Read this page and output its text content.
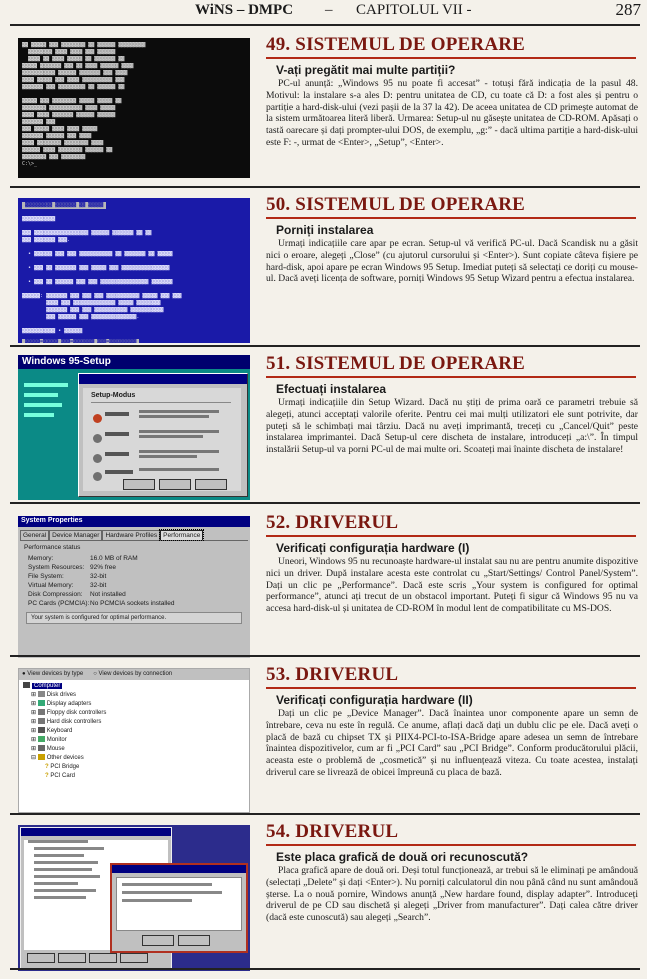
WiNS – DMPC – CAPITOLUL VII -	287
▓▓ ▓▓▓▓▓ ▓▓▓ ▓▓▓▓▓▓▓▓ ▓▓ ▓▓▓▓▓▓ ▓▓▓▓▓▓▓▓▓
▓▓▓▓▓▓▓▓ ▓▓▓▓ ▓▓▓▓ ▓▓▓ ▓▓▓▓▓▓
▓▓▓▓ ▓▓ ▓▓▓▓ ▓▓▓▓▓ ▓▓ ▓▓▓▓▓▓▓ ▓▓
▓▓▓▓▓ ▓▓▓▓▓▓▓ ▓▓▓ ▓▓ ▓▓▓▓ ▓▓▓▓▓▓ ▓▓▓▓
▓▓▓▓▓▓▓▓▓▓▓ ▓▓▓▓▓▓ ▓▓▓▓▓▓▓ ▓▓▓ ▓▓▓▓
▓▓▓▓ ▓▓▓▓▓ ▓▓▓ ▓▓▓▓ ▓▓▓▓▓▓▓▓▓▓ ▓▓▓
▓▓▓▓▓▓▓ ▓▓▓ ▓▓▓▓▓▓▓▓▓ ▓▓ ▓▓▓▓▓▓ ▓▓

▓▓▓▓▓ ▓▓▓ ▓▓▓▓▓▓▓▓ ▓▓▓▓▓ ▓▓▓▓▓ ▓▓
▓▓▓▓▓▓▓▓ ▓▓▓▓▓▓▓▓▓▓▓ ▓▓▓▓ ▓▓▓▓▓
▓▓▓▓ ▓▓▓▓ ▓▓▓▓▓▓▓ ▓▓▓▓▓▓ ▓▓▓▓▓▓
▓▓▓▓▓▓▓ ▓▓▓
▓▓▓ ▓▓▓▓▓ ▓▓▓▓ ▓▓▓▓ ▓▓▓▓▓
▓▓▓▓▓▓▓ ▓▓▓▓▓▓ ▓▓▓ ▓▓▓▓
▓▓▓▓ ▓▓▓▓▓▓▓▓ ▓▓▓▓▓▓▓▓ ▓▓▓▓
▓▓▓▓▓▓ ▓▓▓▓ ▓▓▓▓▓▓▓▓ ▓▓▓▓▓▓ ▓▓
▓▓▓▓▓▓▓▓ ▓▓▓ ▓▓▓▓▓▓▓▓
C:\>_
49. SISTEMUL DE OPERARE
V-ați pregătit mai multe partiții?
PC-ul anunță: „Windows 95 nu poate fi accesat” - totuși fără indicația de la pasul 48. Motivul: la instalare s-a ales D: pentru unitatea de CD, cu toate că D: a fost ales și pentru o partiție a hard-disk-ului (vezi pașii de la 37 la 42). De aceea unitatea de CD primește automat de la sistem următoarea literă liberă. Urmarea: Setup-ul nu găsește unitatea de CD-ROM. Apăsați o tastă oarecare și dați prompter-ului DOS, de exemplu, „g:” - dacă ultima partiție a hard-disk-ului este F: -, urmat de <Enter>, „Setup”, <Enter>.
▓▓▓▓▓▓▓▓▓ ▓▓▓▓▓▓▓ ▓▓ ▓▓▓▓▓

▓▓▓▓▓▓▓▓▓▓▓

▓▓▓ ▓▓▓▓▓▓▓▓▓▓▓▓▓▓▓▓▓▓ ▓▓▓▓▓▓ ▓▓▓▓▓▓▓ ▓▓ ▓▓
▓▓▓ ▓▓▓▓▓▓▓ ▓▓▓.

• ▓▓▓▓▓▓ ▓▓▓ ▓▓▓ ▓▓▓▓▓▓▓▓▓▓▓ ▓▓ ▓▓▓▓▓▓▓ ▓▓ ▓▓▓▓▓

• ▓▓▓ ▓▓ ▓▓▓▓▓▓▓ ▓▓▓ ▓▓▓▓▓ ▓▓▓ ▓▓▓▓▓▓▓▓▓▓▓▓▓▓▓▓

• ▓▓▓ ▓▓ ▓▓▓▓▓▓ ▓▓▓ ▓▓▓ ▓▓▓▓▓▓▓▓▓▓▓▓▓▓▓▓ ▓▓▓▓▓▓▓

▓▓▓▓▓▓: ▓▓▓▓▓▓▓ ▓▓▓ ▓▓▓ ▓▓▓ ▓▓▓▓▓▓▓▓▓▓▓ ▓▓▓▓▓ ▓▓▓ ▓▓▓
▓▓▓▓ ▓▓▓ ▓▓▓▓▓▓▓▓▓▓▓▓▓▓ ▓▓▓▓▓ ▓▓▓▓▓▓▓▓
▓▓▓▓▓▓▓ ▓▓▓ ▓▓▓ ▓▓▓▓▓▓▓▓▓▓▓ ▓▓▓▓▓▓▓▓▓▓▓
▓▓▓ ▓▓▓▓▓▓ ▓▓▓ ▓▓▓▓▓▓▓▓▓▓▓▓▓▓▓.

▓▓▓▓▓▓▓▓▓▓▓ • ▓▓▓▓▓▓
▓▓▓▓▓=▓▓▓▓▓ ▓▓▓=▓▓▓▓▓▓▓ ▓▓▓=▓▓▓▓▓▓▓▓▓
50. SISTEMUL DE OPERARE
Porniți instalarea
Urmați indicațiile care apar pe ecran. Setup-ul vă verifică PC-ul. Dacă Scandisk nu a găsit nici o eroare, alegeți „Close” (cu ajutorul cursorului și <Enter>). Sunt copiate câteva fișiere pe hard-disk, apoi apare pe ecran Windows 95 Setup. Imediat puteți să selectați ce doriți cu mouse-ul. Dacă aveți licența de software, porniți Windows 95 Setup Wizard pentru a efectua instalarea.
Windows 95-Setup

Setup-Modus
51. SISTEMUL DE OPERARE
Efectuați instalarea
Urmați indicațiile din Setup Wizard. Dacă nu știți de prima oară ce parametri trebuie să alegeți, atunci acceptați valorile oferite. Pentru cei mai mulți utilizatori ele sunt potrivite, dar puteți să le schimbați mai târziu. Dacă nu aveți imprimantă, treceți cu „Cancel/Quit” peste instalarea imprimantei. Dacă Setup-ul cere discheta de instalare, introduceți „a:\”. În timpul instalării Setup-ul va porni PC-ul de mai multe ori. Scoateți mai înainte discheta de instalare!
System Properties
General Device Manager Hardware Profiles Performance
Performance status
Memory:	16.0 MB of RAM
System Resources: 92% free
File System:	32-bit
Virtual Memory:	32-bit
Disk Compression:	Not installed
PC Cards (PCMCIA): No PCMCIA sockets installed
Your system is configured for optimal performance.
52. DRIVERUL
Verificați configurația hardware (I)
Uneori, Windows 95 nu recunoaște hardware-ul instalat sau nu are pentru anumite dispozitive nici un driver. După instalare acesta este controlat cu „Start/Settings/ Control Panel/System”. Dați un clic pe „Performance”. Dacă este scris „Your system is configured for optimal performance”, atunci ați trecut de un obstacol important. Puteți fi sigur că Windows 95 nu va accesa hard-disk-ul și unitatea de CD-ROM în modul lent de compatibilitate cu MS-DOS.
● View devices by type ○ View devices by connection
Computer
⊞ Disk drives
⊞ Display adapters
⊞ Floppy disk controllers
⊞ Hard disk controllers
⊞ Keyboard
⊞ Monitor
⊞ Mouse
⊟ Other devices
? PCI Bridge
? PCI Card
53. DRIVERUL
Verificați configurația hardware (II)
Dați un clic pe „Device Manager”. Dacă înaintea unor componente apare un semn de întrebare, ceva nu este în regulă. Ce anume, aflați dacă dați un dublu clic pe ele. Dacă aveți o placă de bază cu chipset TX și PIIX4-PCI-to-ISA-Bridge apare adesea un semn de întrebare înaintea dispozitivelor, cum ar fi „PCI Card” sau „PCI Bridge”. Conform producătorului plăcii, aceasta este o problemă de „cosmetică” și nu influențează viteza. Cu toate acestea, instalați driverul care se livrează de obicei împreună cu placa de bază.
54. DRIVERUL
Este placa grafică de două ori recunoscută?
Placa grafică apare de două ori. Deși totul funcționează, ar trebui să le eliminați pe amândouă (selectați „Delete” și dați <Enter>). Nu porniți calculatorul din nou până când nu sunt amândouă șterse. La o nouă pornire, Windows anunță „New hardare found, display adapter”. Introduceți driverul de pe CD sau dischetă și alegeți „Driver from manufacturer”. Dați calea către driver (dacă este cunoscută) sau alegeți „Search”.
